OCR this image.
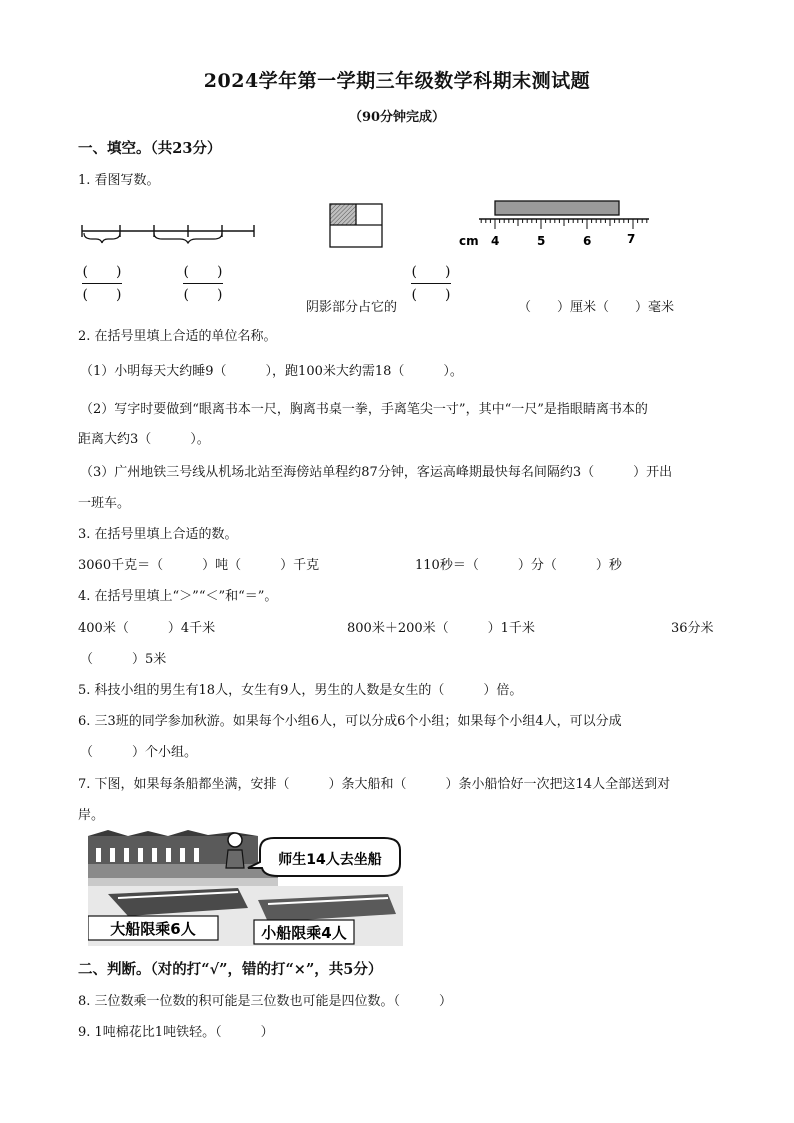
2024学年第一学期三年级数学科期末测试题
（90分钟完成）
一、填空。（共23分）
1. 看图写数。
(　　)
(　　)
(　　)
(　　)
(　　)
(　　)
阴影部分占它的
cm 4	5	6	7
（　　）厘米（　　）毫米
2. 在括号里填上合适的单位名称。
（1）小明每天大约睡9（　　　），跑100米大约需18（　　　）。
（2）写字时要做到“眼离书本一尺，胸离书桌一拳，手离笔尖一寸”，其中“一尺”是指眼睛离书本的
距离大约3（　　　）。
（3）广州地铁三号线从机场北站至海傍站单程约87分钟，客运高峰期最快每名间隔约3（　　　）开出
一班车。
3. 在括号里填上合适的数。
3060千克＝（　　　）吨（　　　）千克	110秒＝（　　　）分（　　　）秒
4. 在括号里填上“＞”“＜”和“＝”。
400米（　　　）4千米	800米＋200米（　　　）1千米	36分米
（　　　）5米
5. 科技小组的男生有18人，女生有9人，男生的人数是女生的（　　　）倍。
6. 三3班的同学参加秋游。如果每个小组6人，可以分成6个小组；如果每个小组4人，可以分成
（　　　）个小组。
7. 下图，如果每条船都坐满，安排（　　　）条大船和（　　　）条小船恰好一次把这14人全部送到对
岸。
师生14人去坐船
大船限乘6人	小船限乘4人
二、判断。（对的打“√”，错的打“×”，共5分）
8. 三位数乘一位数的积可能是三位数也可能是四位数。（　　　）
9. 1吨棉花比1吨铁轻。（　　　）
